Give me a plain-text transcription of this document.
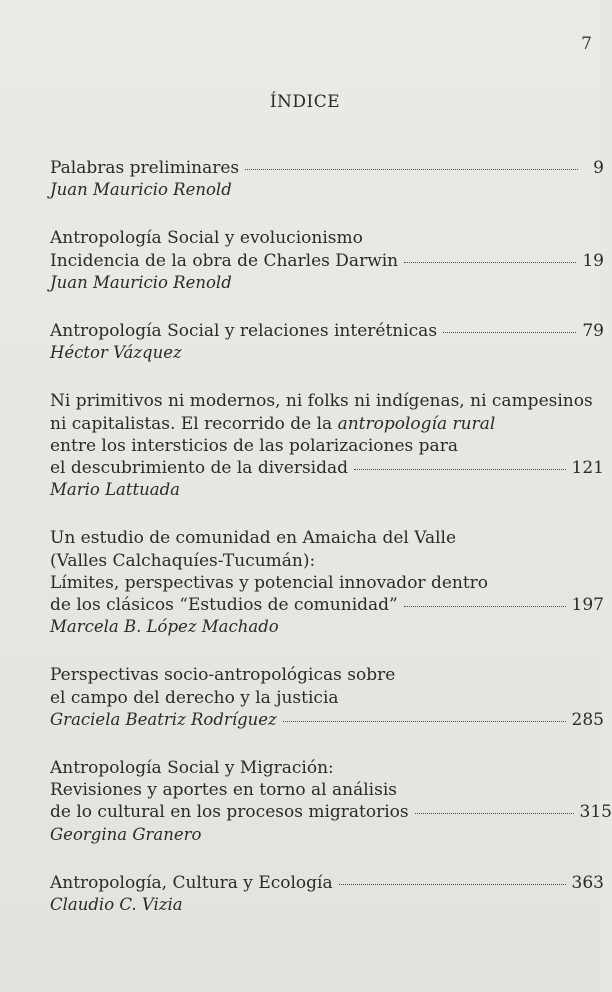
7
ÍNDICE
Palabras preliminares	9
Juan Mauricio Renold
Antropología Social y evolucionismo
Incidencia de la obra de Charles Darwin	19
Juan Mauricio Renold
Antropología Social y relaciones interétnicas	79
Héctor Vázquez
Ni primitivos ni modernos, ni folks ni indígenas, ni campesinos
ni capitalistas. El recorrido de la antropología rural
entre los intersticios de las polarizaciones para
el descubrimiento de la diversidad	121
Mario Lattuada
Un estudio de comunidad en Amaicha del Valle
(Valles Calchaquíes-Tucumán):
Límites, perspectivas y potencial innovador dentro
de los clásicos “Estudios de comunidad”	197
Marcela B. López Machado
Perspectivas socio-antropológicas sobre
el campo del derecho y la justicia
Graciela Beatriz Rodríguez	285
Antropología Social y Migración:
Revisiones y aportes en torno al análisis
de lo cultural en los procesos migratorios	315
Georgina Granero
Antropología, Cultura y Ecología	363
Claudio C. Vizia
